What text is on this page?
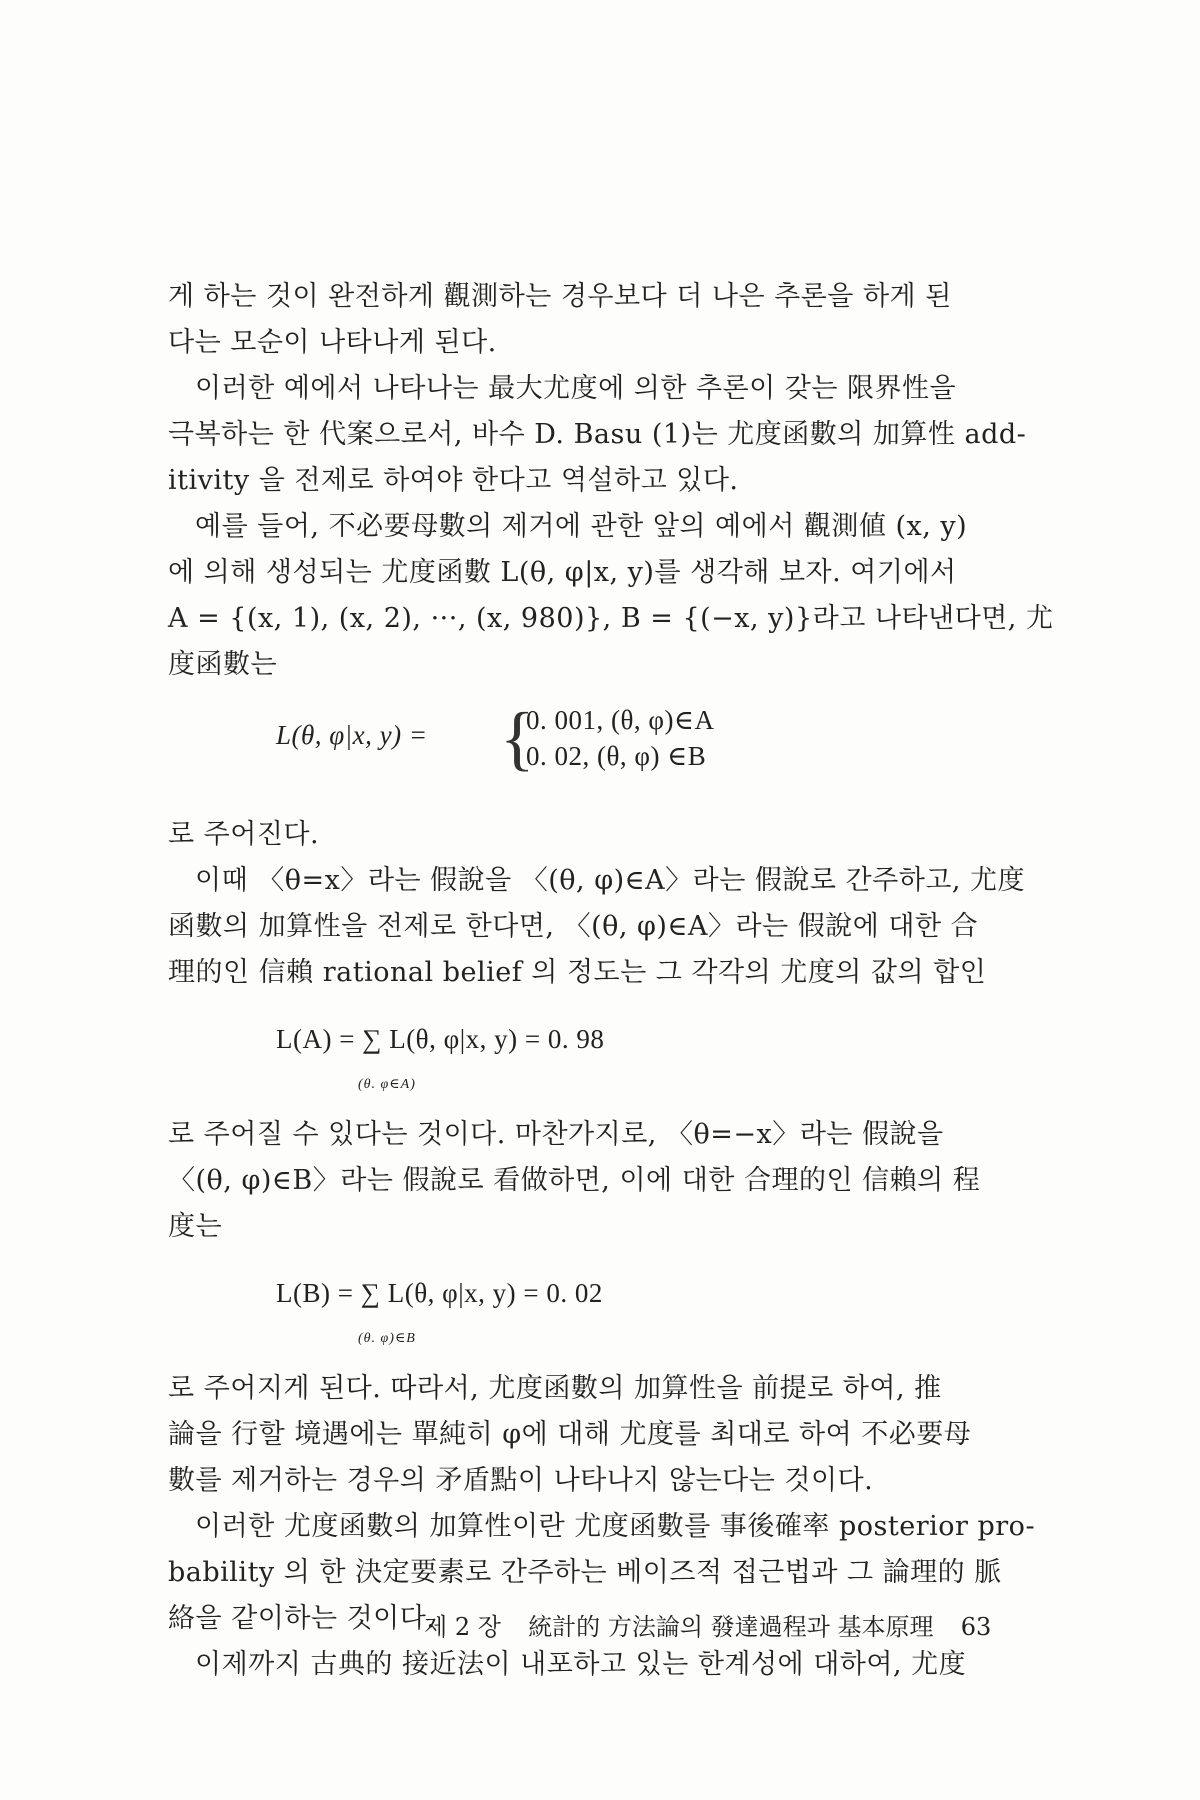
게 하는 것이 완전하게 觀測하는 경우보다 더 나은 추론을 하게 된
다는 모순이 나타나게 된다.

이러한 예에서 나타나는 最大尤度에 의한 추론이 갖는 限界性을
극복하는 한 代案으로서, 바수 D. Basu (1)는 尤度函數의 加算性 add-
itivity 을 전제로 하여야 한다고 역설하고 있다.

예를 들어, 不必要母數의 제거에 관한 앞의 예에서 觀測値 (x, y)
에 의해 생성되는 尤度函數 L(θ, φ|x, y)를 생각해 보자. 여기에서
A = {(x, 1), (x, 2), ···, (x, 980)}, B = {(−x, y)}라고 나타낸다면, 尤
度函數는

L(θ, φ|x, y) = {
0. 001, (θ, φ)∈A
0. 02, (θ, φ) ∈B

로 주어진다.

이때 〈θ=x〉라는 假說을 〈(θ, φ)∈A〉라는 假說로 간주하고, 尤度
函數의 加算性을 전제로 한다면, 〈(θ, φ)∈A〉라는 假說에 대한 合
理的인 信賴 rational belief 의 정도는 그 각각의 尤度의 값의 합인

L(A) = ∑ L(θ, φ|x, y) = 0. 98
(θ. φ∈A)

로 주어질 수 있다는 것이다. 마찬가지로, 〈θ=−x〉라는 假說을
〈(θ, φ)∈B〉라는 假說로 看做하면, 이에 대한 合理的인 信賴의 程
度는

L(B) = ∑ L(θ, φ|x, y) = 0. 02
(θ. φ)∈B

로 주어지게 된다. 따라서, 尤度函數의 加算性을 前提로 하여, 推
論을 行할 境遇에는 單純히 φ에 대해 尤度를 최대로 하여 不必要母
數를 제거하는 경우의 矛盾點이 나타나지 않는다는 것이다.

이러한 尤度函數의 加算性이란 尤度函數를 事後確率 posterior pro-
bability 의 한 決定要素로 간주하는 베이즈적 접근법과 그 論理的 脈
絡을 같이하는 것이다.

이제까지 古典的 接近法이 내포하고 있는 한계성에 대하여, 尤度

제 2 장 統計的 方法論의 發達過程과 基本原理 63
